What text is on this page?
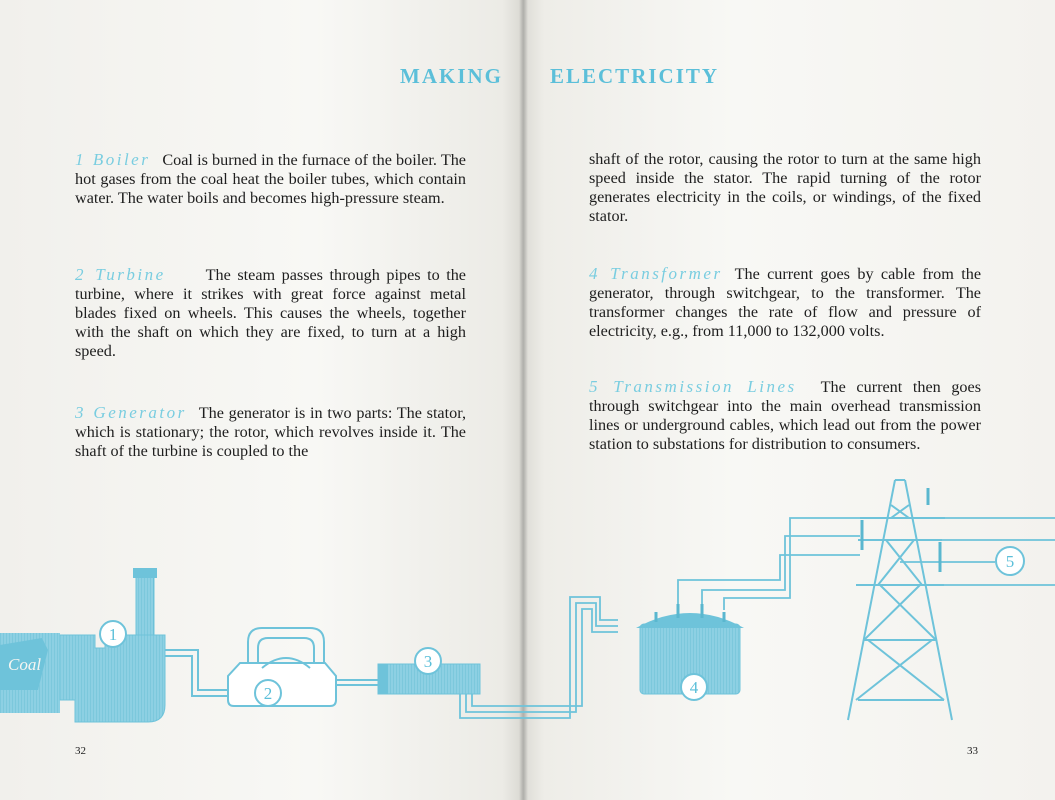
MAKING

1 Boiler Coal is burned in the furnace of the boiler. The hot gases from the coal heat the boiler tubes, which contain water. The water boils and becomes high-pressure steam.

2 Turbine The steam passes through pipes to the turbine, where it strikes with great force against metal blades fixed on wheels. This causes the wheels, together with the shaft on which they are fixed, to turn at a high speed.

3 Generator The generator is in two parts: The stator, which is stationary; the rotor, which revolves inside it. The shaft of the turbine is coupled to the

32
ELECTRICITY

shaft of the rotor, causing the rotor to turn at the same high speed inside the stator. The rapid turning of the rotor generates electricity in the coils, or windings, of the fixed stator.

4 Transformer The current goes by cable from the generator, through switchgear, to the transformer. The transformer changes the rate of flow and pressure of electricity, e.g., from 11,000 to 132,000 volts.

5 Transmission Lines The current then goes through switchgear into the main overhead transmission lines or underground cables, which lead out from the power station to substations for distribution to consumers.

33
Coal
1
2
3
4
5
